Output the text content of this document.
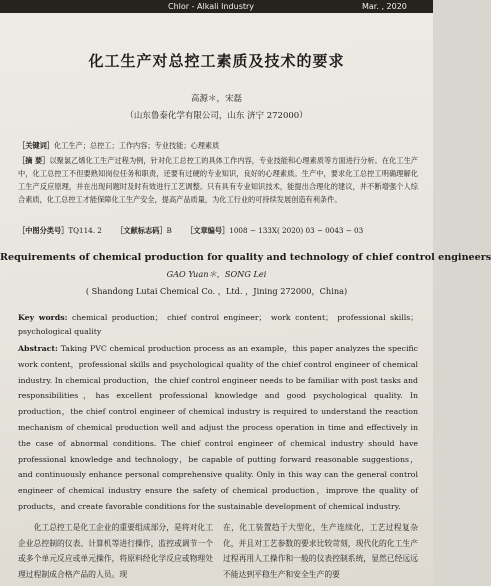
Chlor - Alkali Industry	Mar. , 2020
化工生产对总控工素质及技术的要求
高源＊，宋磊
（山东鲁泰化学有限公司，山东 济宁 272000）
［关键词］化工生产；总控工；工作内容；专业技能；心理素质
［摘 要］以聚氯乙烯化工生产过程为例，针对化工总控工的具体工作内容，专业技能和心理素质等方面进行分析。在化工生产中，化工总控工不但要熟知岗位任务和职责，还要有过硬的专业知识，良好的心理素质。生产中，要求化工总控工明确理解化工生产反应原理，并在出现问题时及时有效进行工艺调整。只有具有专业知识技术，能提出合理化的建议，并不断增强个人综合素质，化工总控工才能保障化工生产安全，提高产品质量，为化工行业的可持续发展创造有利条件。
［中图分类号］TQ114. 2 ［文献标志码］B ［文章编号］1008 − 133X( 2020) 03 − 0043 − 03
Requirements of chemical production for quality and technology of chief control engineers
GAO Yuan＊，SONG Lei
( Shandong Lutai Chemical Co. ，Ltd. ，Jining 272000，China)
Key words: chemical production； chief control engineer； work content； professional skills； psychological quality
Abstract: Taking PVC chemical production process as an example，this paper analyzes the specific work content，professional skills and psychological quality of the chief control engineer of chemical industry. In chemical production，the chief control engineer needs to be familiar with post tasks and responsibilities，has excellent professional knowledge and good psychological quality. In production，the chief control engineer of chemical industry is required to understand the reaction mechanism of chemical production well and adjust the process operation in time and effectively in the case of abnormal conditions. The chief control engineer of chemical industry should have professional knowledge and technology，be capable of putting forward reasonable suggestions，and continuously enhance personal comprehensive quality. Only in this way can the general control engineer of chemical industry ensure the safety of chemical production，improve the quality of products，and create favorable conditions for the sustainable development of chemical industry.
化工总控工是化工企业的重要组成部分，是将对化工企业总控制的仪表、计算机等进行操作，监控或调节一个或多个单元反应或单元操作，将原料经化学反应或物理处理过程制成合格产品的人员。现
在，化工装置趋于大型化，生产连续化，工艺过程复杂化，并且对工艺参数的要求比较苛刻，现代化的化工生产过程再用人工操作和一般的仪表控制系统，显然已经远远不能达到平稳生产和安全生产的要
